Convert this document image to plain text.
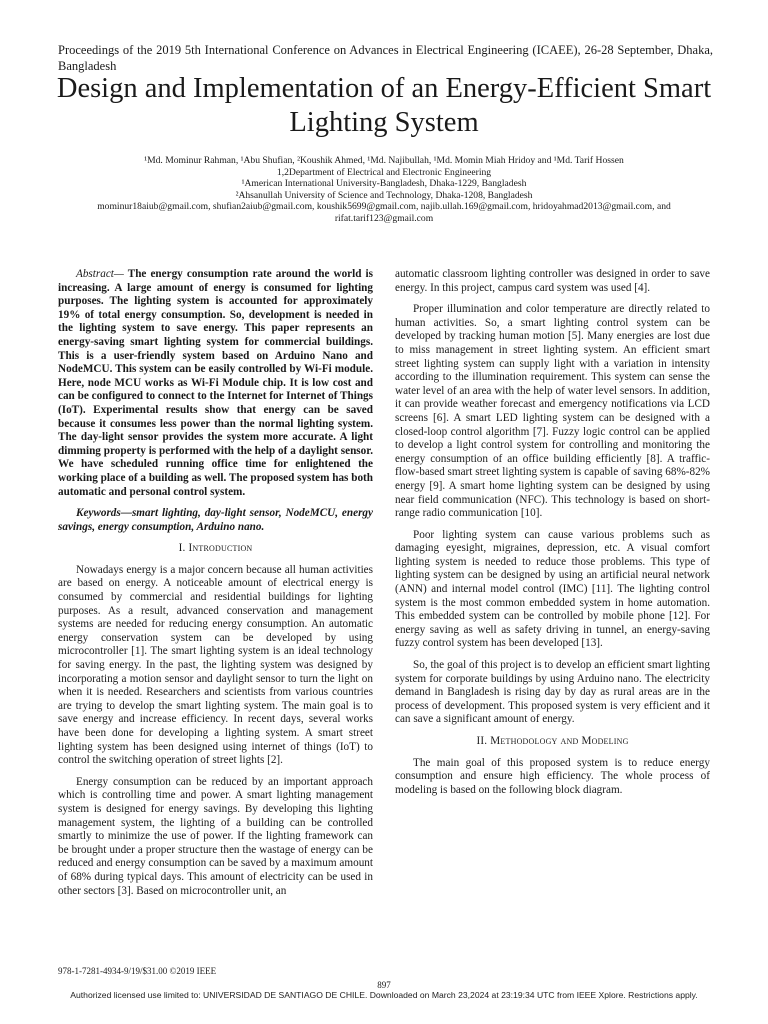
Proceedings of the 2019 5th International Conference on Advances in Electrical Engineering (ICAEE), 26-28 September, Dhaka, Bangladesh
Design and Implementation of an Energy-Efficient Smart Lighting System
¹Md. Mominur Rahman, ¹Abu Shufian, ²Koushik Ahmed, ¹Md. Najibullah, ¹Md. Momin Miah Hridoy and ¹Md. Tarif Hossen
1,2Department of Electrical and Electronic Engineering
¹American International University-Bangladesh, Dhaka-1229, Bangladesh
²Ahsanullah University of Science and Technology, Dhaka-1208, Bangladesh
mominur18aiub@gmail.com, shufian2aiub@gmail.com, koushik5699@gmail.com, najib.ullah.169@gmail.com, hridoyahmad2013@gmail.com, and
rifat.tarif123@gmail.com

Abstract— The energy consumption rate around the world is increasing. A large amount of energy is consumed for lighting purposes. The lighting system is accounted for approximately 19% of total energy consumption. So, development is needed in the lighting system to save energy. This paper represents an energy-saving smart lighting system for commercial buildings. This is a user-friendly system based on Arduino Nano and NodeMCU. This system can be easily controlled by Wi-Fi module. Here, node MCU works as Wi-Fi Module chip. It is low cost and can be configured to connect to the Internet for Internet of Things (IoT). Experimental results show that energy can be saved because it consumes less power than the normal lighting system. The day-light sensor provides the system more accurate. A light dimming property is performed with the help of a daylight sensor. We have scheduled running office time for enlightened the working place of a building as well. The proposed system has both automatic and personal control system.

Keywords—smart lighting, day-light sensor, NodeMCU, energy savings, energy consumption, Arduino nano.

I. Introduction

Nowadays energy is a major concern because all human activities are based on energy. A noticeable amount of electrical energy is consumed by commercial and residential buildings for lighting purposes. As a result, advanced conservation and management systems are needed for reducing energy consumption. An automatic energy conservation system can be developed by using microcontroller [1]. The smart lighting system is an ideal technology for saving energy. In the past, the lighting system was designed by incorporating a motion sensor and daylight sensor to turn the light on when it is needed. Researchers and scientists from various countries are trying to develop the smart lighting system. The main goal is to save energy and increase efficiency. In recent days, several works have been done for developing a lighting system. A smart street lighting system has been designed using internet of things (IoT) to control the switching operation of street lights [2].

Energy consumption can be reduced by an important approach which is controlling time and power. A smart lighting management system is designed for energy savings. By developing this lighting management system, the lighting of a building can be controlled smartly to minimize the use of power. If the lighting framework can be brought under a proper structure then the wastage of energy can be reduced and energy consumption can be saved by a maximum amount of 68% during typical days. This amount of electricity can be used in other sectors [3]. Based on microcontroller unit, an

automatic classroom lighting controller was designed in order to save energy. In this project, campus card system was used [4].

Proper illumination and color temperature are directly related to human activities. So, a smart lighting control system can be developed by tracking human motion [5]. Many energies are lost due to miss management in street lighting system. An efficient smart street lighting system can supply light with a variation in intensity according to the illumination requirement. This system can sense the water level of an area with the help of water level sensors. In addition, it can provide weather forecast and emergency notifications via LCD screens [6]. A smart LED lighting system can be designed with a closed-loop control algorithm [7]. Fuzzy logic control can be applied to develop a light control system for controlling and monitoring the energy consumption of an office building efficiently [8]. A traffic-flow-based smart street lighting system is capable of saving 68%-82% energy [9]. A smart home lighting system can be designed by using near field communication (NFC). This technology is based on short-range radio communication [10].

Poor lighting system can cause various problems such as damaging eyesight, migraines, depression, etc. A visual comfort lighting system is needed to reduce those problems. This type of lighting system can be designed by using an artificial neural network (ANN) and internal model control (IMC) [11]. The lighting control system is the most common embedded system in home automation. This embedded system can be controlled by mobile phone [12]. For energy saving as well as safety driving in tunnel, an energy-saving fuzzy control system has been developed [13].

So, the goal of this project is to develop an efficient smart lighting system for corporate buildings by using Arduino nano. The electricity demand in Bangladesh is rising day by day as rural areas are in the process of development. This proposed system is very efficient and it can save a significant amount of energy.

II. Methodology and Modeling

The main goal of this proposed system is to reduce energy consumption and ensure high efficiency. The whole process of modeling is based on the following block diagram.

978-1-7281-4934-9/19/$31.00 ©2019 IEEE
897
Authorized licensed use limited to: UNIVERSIDAD DE SANTIAGO DE CHILE. Downloaded on March 23,2024 at 23:19:34 UTC from IEEE Xplore. Restrictions apply.
